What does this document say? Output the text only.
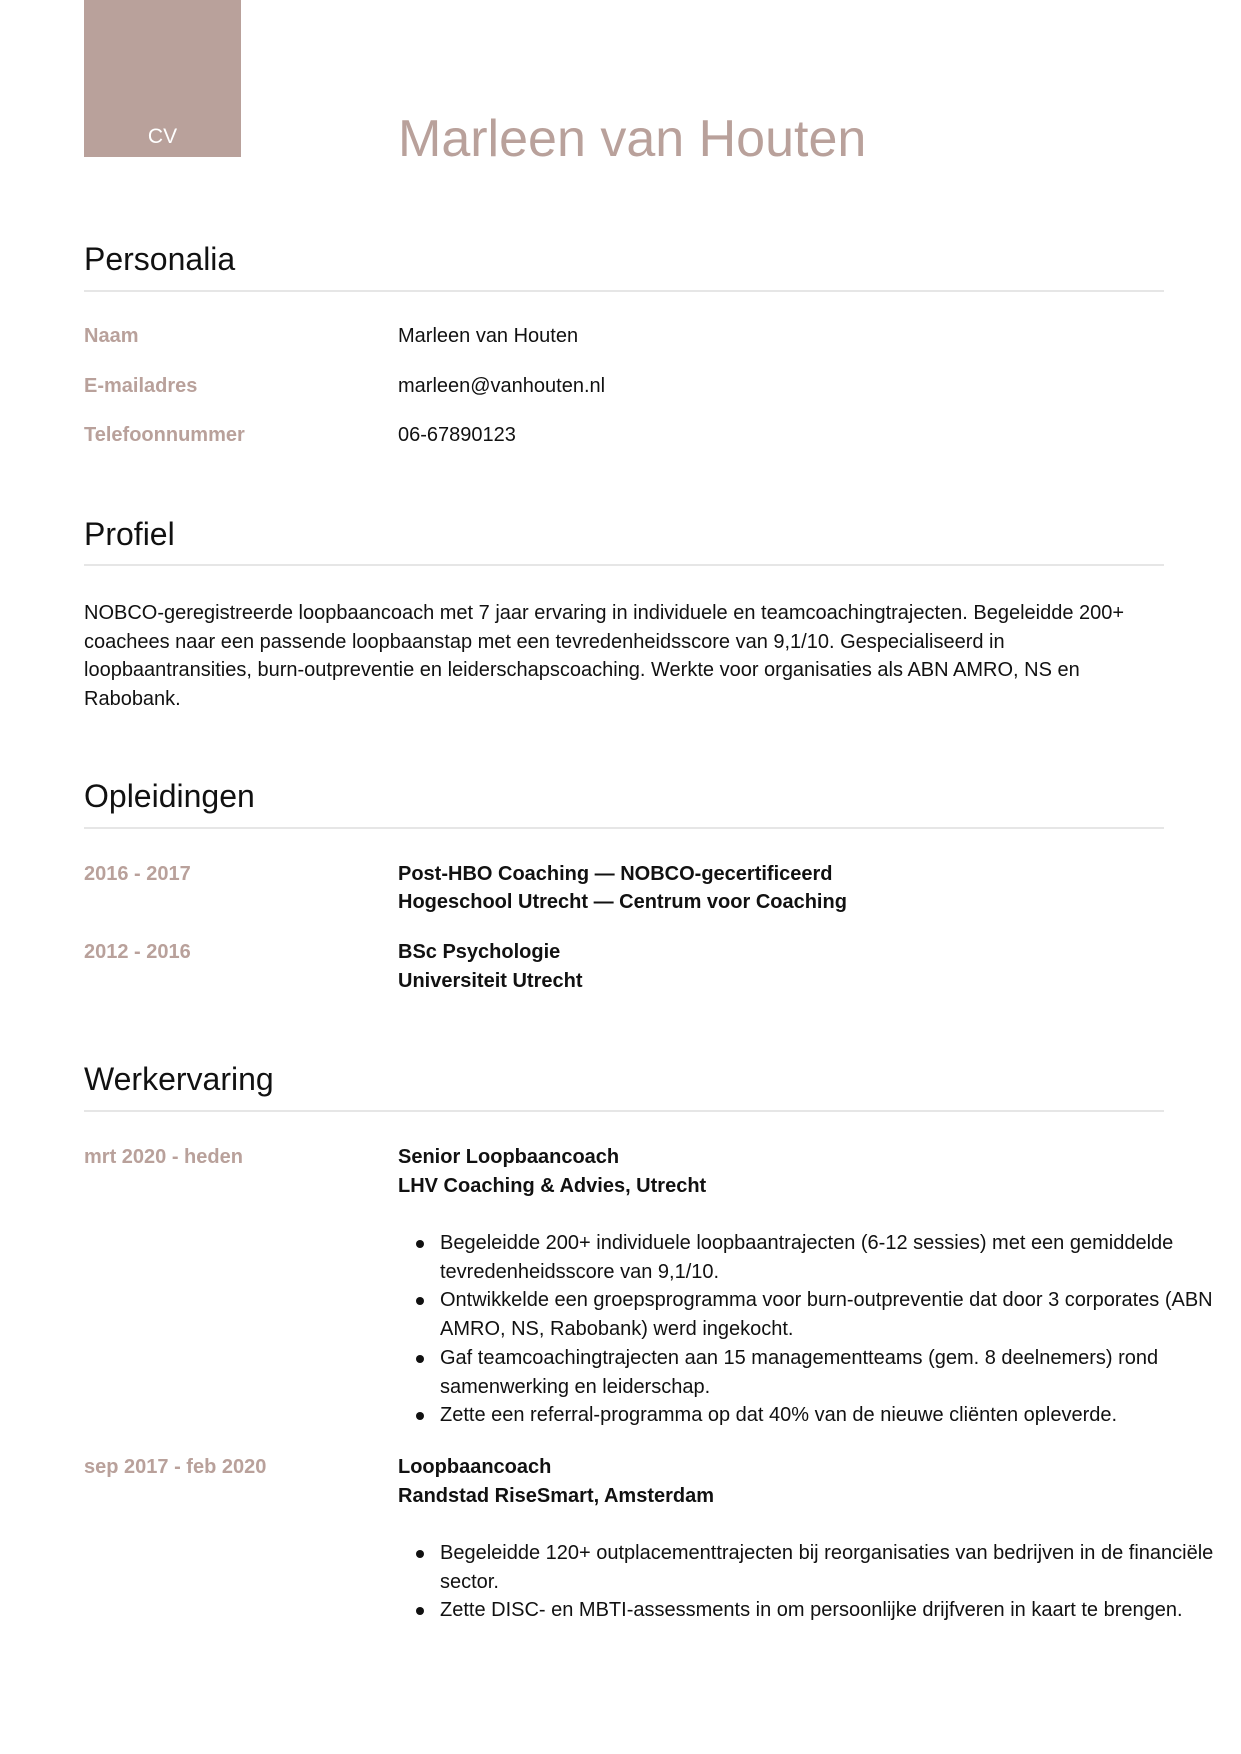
CV	Marleen van Houten
Personalia
Naam	Marleen van Houten
E-mailadres	marleen@vanhouten.nl
Telefoonnummer	06-67890123
Profiel
NOBCO-geregistreerde loopbaancoach met 7 jaar ervaring in individuele en teamcoachingtrajecten. Begeleidde 200+ coachees naar een passende loopbaanstap met een tevredenheidsscore van 9,1/10. Gespecialiseerd in loopbaantransities, burn-outpreventie en leiderschapscoaching. Werkte voor organisaties als ABN AMRO, NS en Rabobank.
Opleidingen
2016 - 2017	Post-HBO Coaching — NOBCO-gecertificeerd
Hogeschool Utrecht — Centrum voor Coaching
2012 - 2016	BSc Psychologie
Universiteit Utrecht
Werkervaring
mrt 2020 - heden	Senior Loopbaancoach
LHV Coaching & Advies, Utrecht
Begeleidde 200+ individuele loopbaantrajecten (6-12 sessies) met een gemiddelde tevredenheidsscore van 9,1/10.
Ontwikkelde een groepsprogramma voor burn-outpreventie dat door 3 corporates (ABN AMRO, NS, Rabobank) werd ingekocht.
Gaf teamcoachingtrajecten aan 15 managementteams (gem. 8 deelnemers) rond samenwerking en leiderschap.
Zette een referral-programma op dat 40% van de nieuwe cliënten opleverde.
sep 2017 - feb 2020	Loopbaancoach
Randstad RiseSmart, Amsterdam
Begeleidde 120+ outplacementtrajecten bij reorganisaties van bedrijven in de financiële sector.
Zette DISC- en MBTI-assessments in om persoonlijke drijfveren in kaart te brengen.
